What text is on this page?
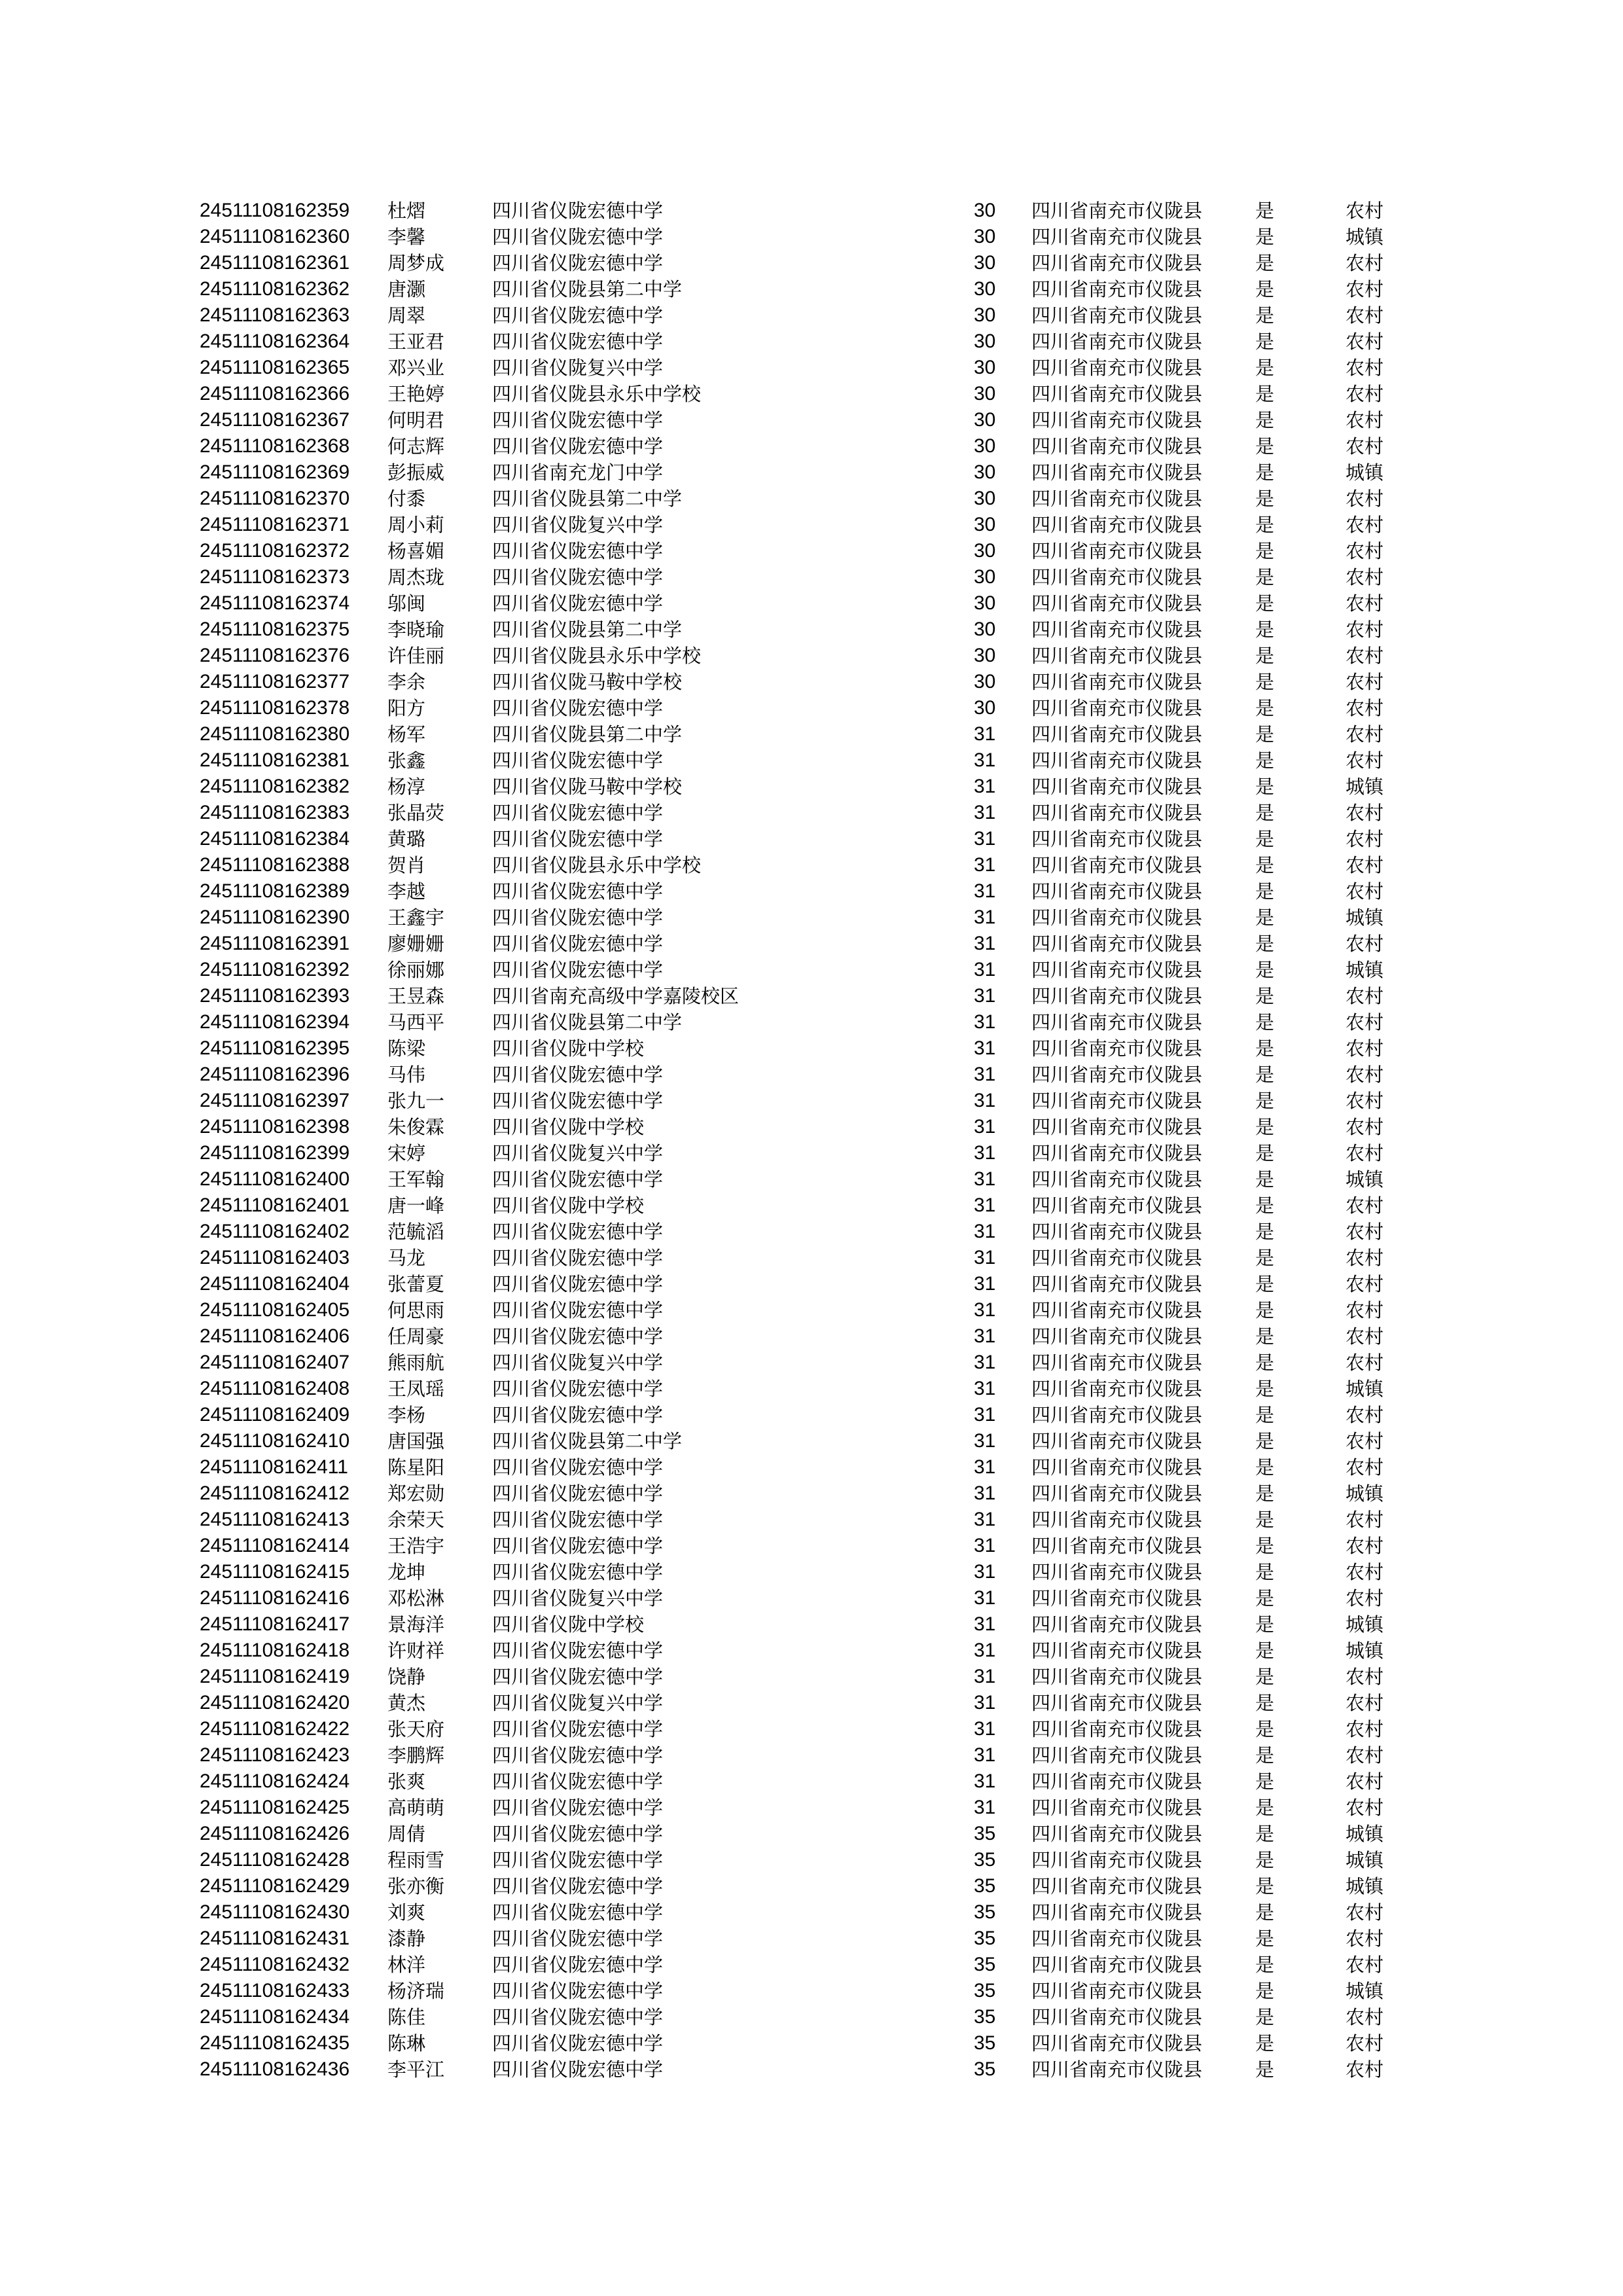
24511108162359 杜熠	四川省仪陇宏德中学	30 四川省南充市仪陇县	是	农村
24511108162360 李馨	四川省仪陇宏德中学	30 四川省南充市仪陇县	是	城镇
24511108162361 周梦成	四川省仪陇宏德中学	30 四川省南充市仪陇县	是	农村
24511108162362 唐灏	四川省仪陇县第二中学	30 四川省南充市仪陇县	是	农村
24511108162363 周翠	四川省仪陇宏德中学	30 四川省南充市仪陇县	是	农村
24511108162364 王亚君	四川省仪陇宏德中学	30 四川省南充市仪陇县	是	农村
24511108162365 邓兴业	四川省仪陇复兴中学	30 四川省南充市仪陇县	是	农村
24511108162366 王艳婷	四川省仪陇县永乐中学校	30 四川省南充市仪陇县	是	农村
24511108162367 何明君	四川省仪陇宏德中学	30 四川省南充市仪陇县	是	农村
24511108162368 何志辉	四川省仪陇宏德中学	30 四川省南充市仪陇县	是	农村
24511108162369 彭振威	四川省南充龙门中学	30 四川省南充市仪陇县	是	城镇
24511108162370 付黍	四川省仪陇县第二中学	30 四川省南充市仪陇县	是	农村
24511108162371 周小莉	四川省仪陇复兴中学	30 四川省南充市仪陇县	是	农村
24511108162372 杨喜媚	四川省仪陇宏德中学	30 四川省南充市仪陇县	是	农村
24511108162373 周杰珑	四川省仪陇宏德中学	30 四川省南充市仪陇县	是	农村
24511108162374 邬闽	四川省仪陇宏德中学	30 四川省南充市仪陇县	是	农村
24511108162375 李晓瑜	四川省仪陇县第二中学	30 四川省南充市仪陇县	是	农村
24511108162376 许佳丽	四川省仪陇县永乐中学校	30 四川省南充市仪陇县	是	农村
24511108162377 李余	四川省仪陇马鞍中学校	30 四川省南充市仪陇县	是	农村
24511108162378 阳方	四川省仪陇宏德中学	30 四川省南充市仪陇县	是	农村
24511108162380 杨军	四川省仪陇县第二中学	31 四川省南充市仪陇县	是	农村
24511108162381 张鑫	四川省仪陇宏德中学	31 四川省南充市仪陇县	是	农村
24511108162382 杨淳	四川省仪陇马鞍中学校	31 四川省南充市仪陇县	是	城镇
24511108162383 张晶荧	四川省仪陇宏德中学	31 四川省南充市仪陇县	是	农村
24511108162384 黄璐	四川省仪陇宏德中学	31 四川省南充市仪陇县	是	农村
24511108162388 贺肖	四川省仪陇县永乐中学校	31 四川省南充市仪陇县	是	农村
24511108162389 李越	四川省仪陇宏德中学	31 四川省南充市仪陇县	是	农村
24511108162390 王鑫宇	四川省仪陇宏德中学	31 四川省南充市仪陇县	是	城镇
24511108162391 廖姗姗	四川省仪陇宏德中学	31 四川省南充市仪陇县	是	农村
24511108162392 徐丽娜	四川省仪陇宏德中学	31 四川省南充市仪陇县	是	城镇
24511108162393 王昱森	四川省南充高级中学嘉陵校区	31 四川省南充市仪陇县	是	农村
24511108162394 马西平	四川省仪陇县第二中学	31 四川省南充市仪陇县	是	农村
24511108162395 陈梁	四川省仪陇中学校	31 四川省南充市仪陇县	是	农村
24511108162396 马伟	四川省仪陇宏德中学	31 四川省南充市仪陇县	是	农村
24511108162397 张九一	四川省仪陇宏德中学	31 四川省南充市仪陇县	是	农村
24511108162398 朱俊霖	四川省仪陇中学校	31 四川省南充市仪陇县	是	农村
24511108162399 宋婷	四川省仪陇复兴中学	31 四川省南充市仪陇县	是	农村
24511108162400 王军翰	四川省仪陇宏德中学	31 四川省南充市仪陇县	是	城镇
24511108162401 唐一峰	四川省仪陇中学校	31 四川省南充市仪陇县	是	农村
24511108162402 范毓滔	四川省仪陇宏德中学	31 四川省南充市仪陇县	是	农村
24511108162403 马龙	四川省仪陇宏德中学	31 四川省南充市仪陇县	是	农村
24511108162404 张蕾夏	四川省仪陇宏德中学	31 四川省南充市仪陇县	是	农村
24511108162405 何思雨	四川省仪陇宏德中学	31 四川省南充市仪陇县	是	农村
24511108162406 任周豪	四川省仪陇宏德中学	31 四川省南充市仪陇县	是	农村
24511108162407 熊雨航	四川省仪陇复兴中学	31 四川省南充市仪陇县	是	农村
24511108162408 王凤瑶	四川省仪陇宏德中学	31 四川省南充市仪陇县	是	城镇
24511108162409 李杨	四川省仪陇宏德中学	31 四川省南充市仪陇县	是	农村
24511108162410 唐国强	四川省仪陇县第二中学	31 四川省南充市仪陇县	是	农村
24511108162411 陈星阳	四川省仪陇宏德中学	31 四川省南充市仪陇县	是	农村
24511108162412 郑宏勋	四川省仪陇宏德中学	31 四川省南充市仪陇县	是	城镇
24511108162413 余荣天	四川省仪陇宏德中学	31 四川省南充市仪陇县	是	农村
24511108162414 王浩宇	四川省仪陇宏德中学	31 四川省南充市仪陇县	是	农村
24511108162415 龙坤	四川省仪陇宏德中学	31 四川省南充市仪陇县	是	农村
24511108162416 邓松淋	四川省仪陇复兴中学	31 四川省南充市仪陇县	是	农村
24511108162417 景海洋	四川省仪陇中学校	31 四川省南充市仪陇县	是	城镇
24511108162418 许财祥	四川省仪陇宏德中学	31 四川省南充市仪陇县	是	城镇
24511108162419 饶静	四川省仪陇宏德中学	31 四川省南充市仪陇县	是	农村
24511108162420 黄杰	四川省仪陇复兴中学	31 四川省南充市仪陇县	是	农村
24511108162422 张天府	四川省仪陇宏德中学	31 四川省南充市仪陇县	是	农村
24511108162423 李鹏辉	四川省仪陇宏德中学	31 四川省南充市仪陇县	是	农村
24511108162424 张爽	四川省仪陇宏德中学	31 四川省南充市仪陇县	是	农村
24511108162425 高萌萌	四川省仪陇宏德中学	31 四川省南充市仪陇县	是	农村
24511108162426 周倩	四川省仪陇宏德中学	35 四川省南充市仪陇县	是	城镇
24511108162428 程雨雪	四川省仪陇宏德中学	35 四川省南充市仪陇县	是	城镇
24511108162429 张亦衡	四川省仪陇宏德中学	35 四川省南充市仪陇县	是	城镇
24511108162430 刘爽	四川省仪陇宏德中学	35 四川省南充市仪陇县	是	农村
24511108162431 漆静	四川省仪陇宏德中学	35 四川省南充市仪陇县	是	农村
24511108162432 林洋	四川省仪陇宏德中学	35 四川省南充市仪陇县	是	农村
24511108162433 杨济瑞	四川省仪陇宏德中学	35 四川省南充市仪陇县	是	城镇
24511108162434 陈佳	四川省仪陇宏德中学	35 四川省南充市仪陇县	是	农村
24511108162435 陈琳	四川省仪陇宏德中学	35 四川省南充市仪陇县	是	农村
24511108162436 李平江	四川省仪陇宏德中学	35 四川省南充市仪陇县	是	农村
